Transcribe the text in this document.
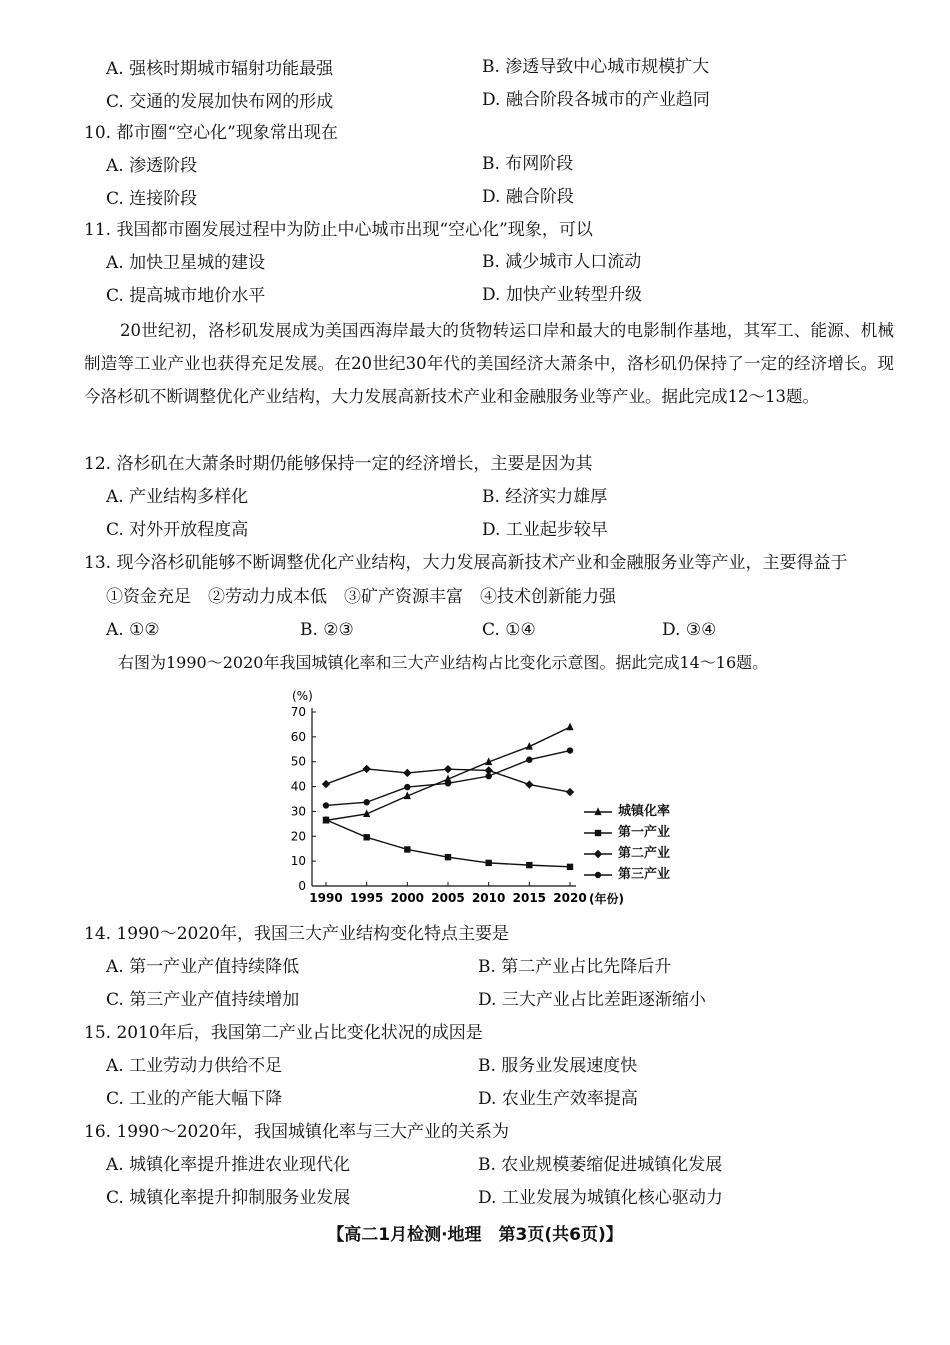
A. 强核时期城市辐射功能最强	B. 渗透导致中心城市规模扩大
C. 交通的发展加快布网的形成	D. 融合阶段各城市的产业趋同
10. 都市圈“空心化”现象常出现在
A. 渗透阶段	B. 布网阶段
C. 连接阶段	D. 融合阶段
11. 我国都市圈发展过程中为防止中心城市出现“空心化”现象，可以
A. 加快卫星城的建设	B. 减少城市人口流动
C. 提高城市地价水平	D. 加快产业转型升级
20世纪初，洛杉矶发展成为美国西海岸最大的货物转运口岸和最大的电影制作基地，其军工、能源、机械制造等工业产业也获得充足发展。在20世纪30年代的美国经济大萧条中，洛杉矶仍保持了一定的经济增长。现今洛杉矶不断调整优化产业结构，大力发展高新技术产业和金融服务业等产业。据此完成12～13题。
12. 洛杉矶在大萧条时期仍能够保持一定的经济增长，主要是因为其
A. 产业结构多样化	B. 经济实力雄厚
C. 对外开放程度高	D. 工业起步较早
13. 现今洛杉矶能够不断调整优化产业结构，大力发展高新技术产业和金融服务业等产业，主要得益于
①资金充足　②劳动力成本低　③矿产资源丰富　④技术创新能力强
A. ①②	B. ②③	C. ①④	D. ③④
右图为1990～2020年我国城镇化率和三大产业结构占比变化示意图。据此完成14～16题。
0
10
20
30
40
50
60
70
1990 1995 2000 2005 2010 2015 2020
(%)
(年份)
城镇化率
第一产业
第二产业
第三产业
14. 1990～2020年，我国三大产业结构变化特点主要是
A. 第一产业产值持续降低	B. 第二产业占比先降后升
C. 第三产业产值持续增加	D. 三大产业占比差距逐渐缩小
15. 2010年后，我国第二产业占比变化状况的成因是
A. 工业劳动力供给不足	B. 服务业发展速度快
C. 工业的产能大幅下降	D. 农业生产效率提高
16. 1990～2020年，我国城镇化率与三大产业的关系为
A. 城镇化率提升推进农业现代化	B. 农业规模萎缩促进城镇化发展
C. 城镇化率提升抑制服务业发展	D. 工业发展为城镇化核心驱动力
【高二1月检测·地理　第3页(共6页)】
